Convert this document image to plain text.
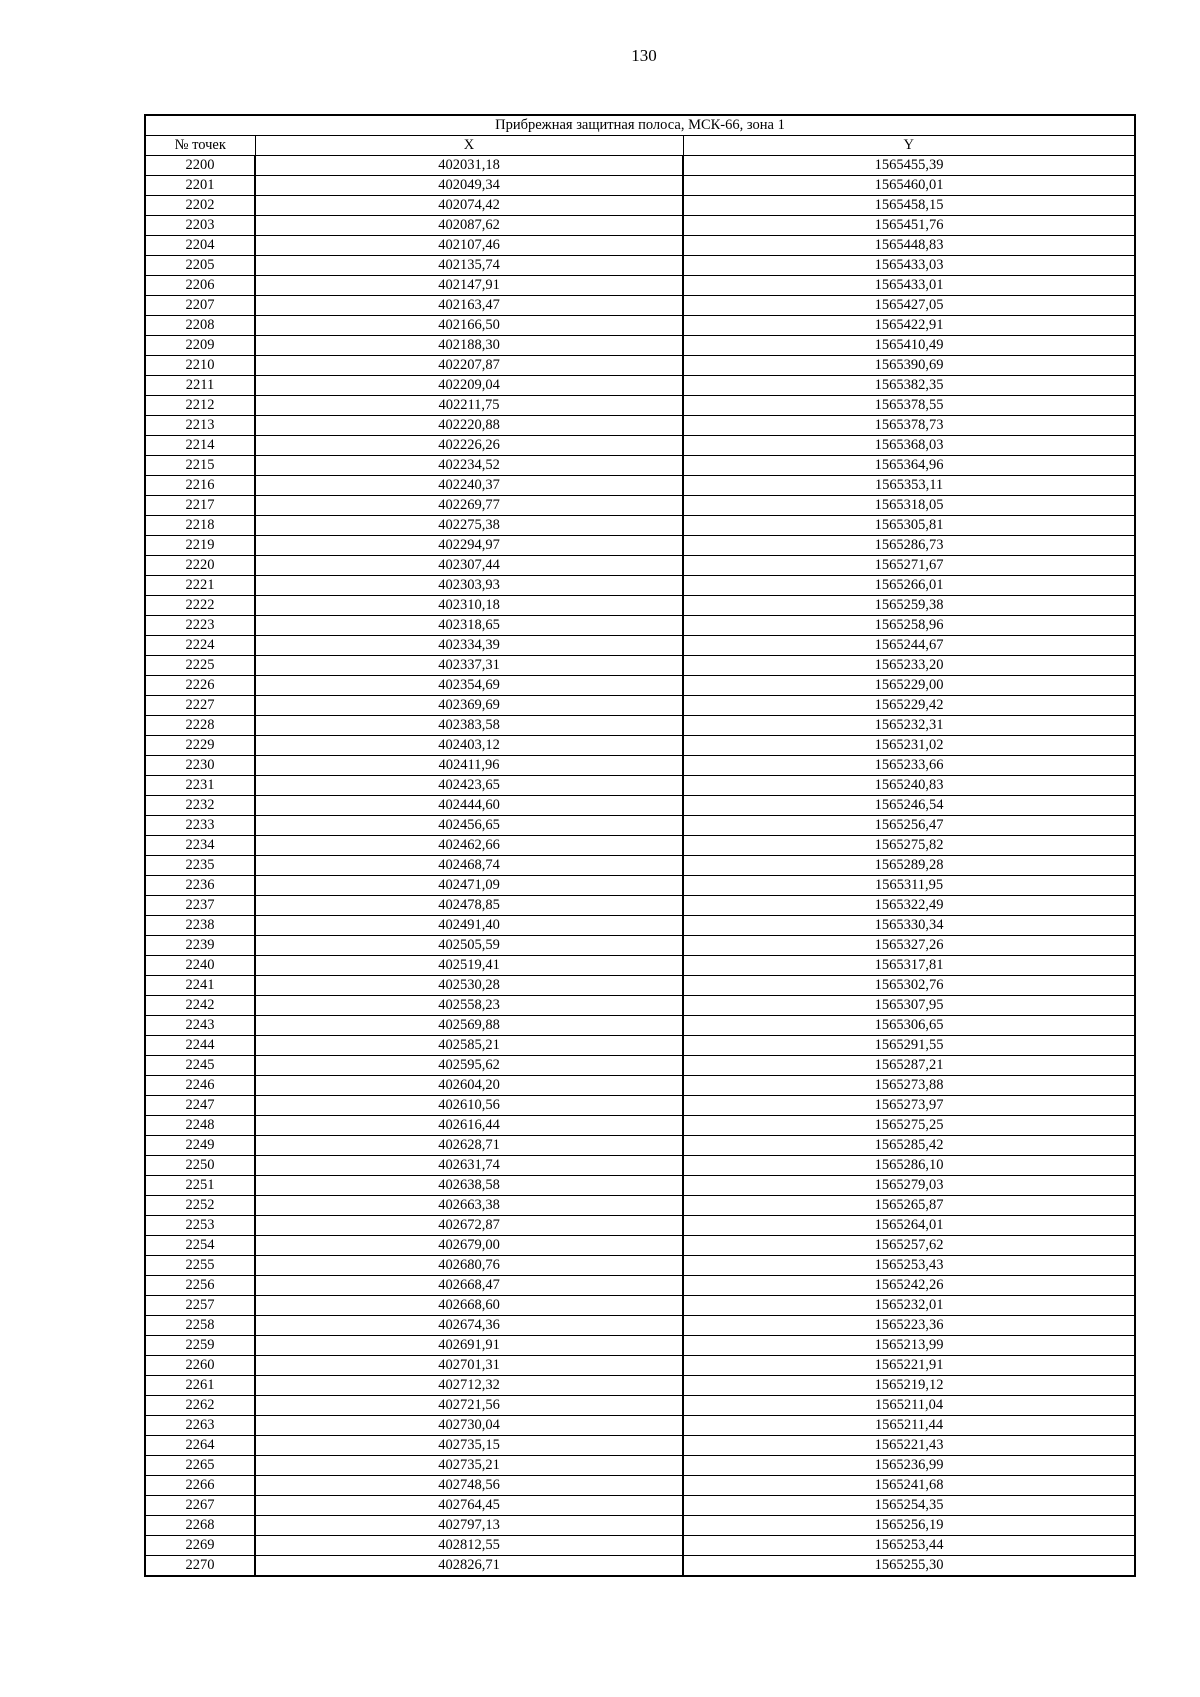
130
Прибрежная защитная полоса, МСК-66, зона 1		
№ точек	X	Y
2200	402031,18	1565455,39
2201	402049,34	1565460,01
2202	402074,42	1565458,15
2203	402087,62	1565451,76
2204	402107,46	1565448,83
2205	402135,74	1565433,03
2206	402147,91	1565433,01
2207	402163,47	1565427,05
2208	402166,50	1565422,91
2209	402188,30	1565410,49
2210	402207,87	1565390,69
2211	402209,04	1565382,35
2212	402211,75	1565378,55
2213	402220,88	1565378,73
2214	402226,26	1565368,03
2215	402234,52	1565364,96
2216	402240,37	1565353,11
2217	402269,77	1565318,05
2218	402275,38	1565305,81
2219	402294,97	1565286,73
2220	402307,44	1565271,67
2221	402303,93	1565266,01
2222	402310,18	1565259,38
2223	402318,65	1565258,96
2224	402334,39	1565244,67
2225	402337,31	1565233,20
2226	402354,69	1565229,00
2227	402369,69	1565229,42
2228	402383,58	1565232,31
2229	402403,12	1565231,02
2230	402411,96	1565233,66
2231	402423,65	1565240,83
2232	402444,60	1565246,54
2233	402456,65	1565256,47
2234	402462,66	1565275,82
2235	402468,74	1565289,28
2236	402471,09	1565311,95
2237	402478,85	1565322,49
2238	402491,40	1565330,34
2239	402505,59	1565327,26
2240	402519,41	1565317,81
2241	402530,28	1565302,76
2242	402558,23	1565307,95
2243	402569,88	1565306,65
2244	402585,21	1565291,55
2245	402595,62	1565287,21
2246	402604,20	1565273,88
2247	402610,56	1565273,97
2248	402616,44	1565275,25
2249	402628,71	1565285,42
2250	402631,74	1565286,10
2251	402638,58	1565279,03
2252	402663,38	1565265,87
2253	402672,87	1565264,01
2254	402679,00	1565257,62
2255	402680,76	1565253,43
2256	402668,47	1565242,26
2257	402668,60	1565232,01
2258	402674,36	1565223,36
2259	402691,91	1565213,99
2260	402701,31	1565221,91
2261	402712,32	1565219,12
2262	402721,56	1565211,04
2263	402730,04	1565211,44
2264	402735,15	1565221,43
2265	402735,21	1565236,99
2266	402748,56	1565241,68
2267	402764,45	1565254,35
2268	402797,13	1565256,19
2269	402812,55	1565253,44
2270	402826,71	1565255,30
